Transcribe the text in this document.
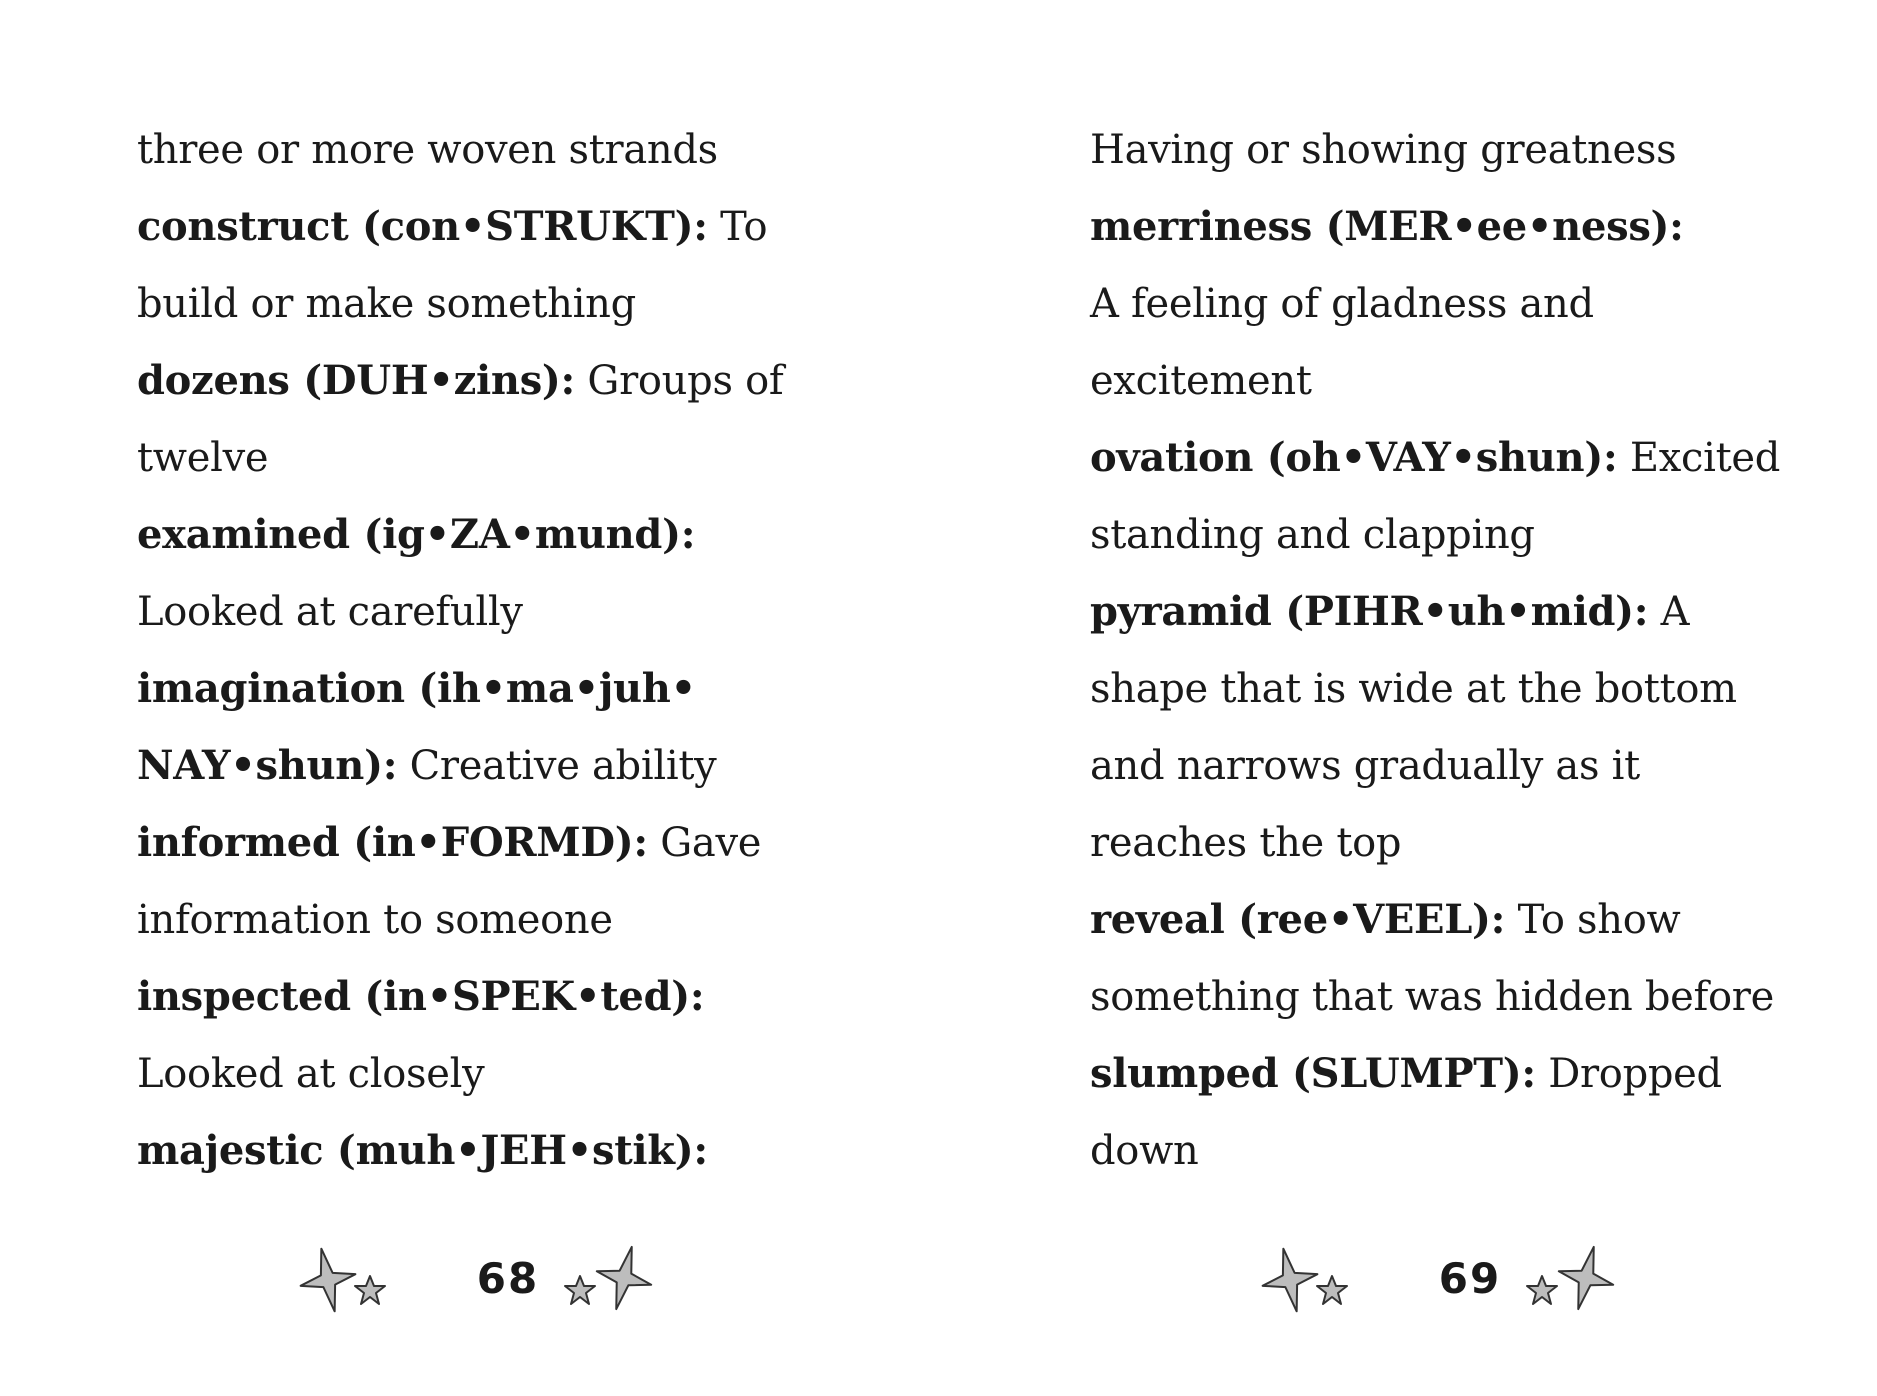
three or more woven strands
construct (con•STRUKT): To
build or make something
dozens (DUH•zins): Groups of
twelve
examined (ig•ZA•mund):
Looked at carefully
imagination (ih•ma•juh•
NAY•shun): Creative ability
informed (in•FORMD): Gave
information to someone
inspected (in•SPEK•ted):
Looked at closely
majestic (muh•JEH•stik):
68
Having or showing greatness
merriness (MER•ee•ness):
A feeling of gladness and
excitement
ovation (oh•VAY•shun): Excited
standing and clapping
pyramid (PIHR•uh•mid): A
shape that is wide at the bottom
and narrows gradually as it
reaches the top
reveal (ree•VEEL): To show
something that was hidden before
slumped (SLUMPT): Dropped
down
69
